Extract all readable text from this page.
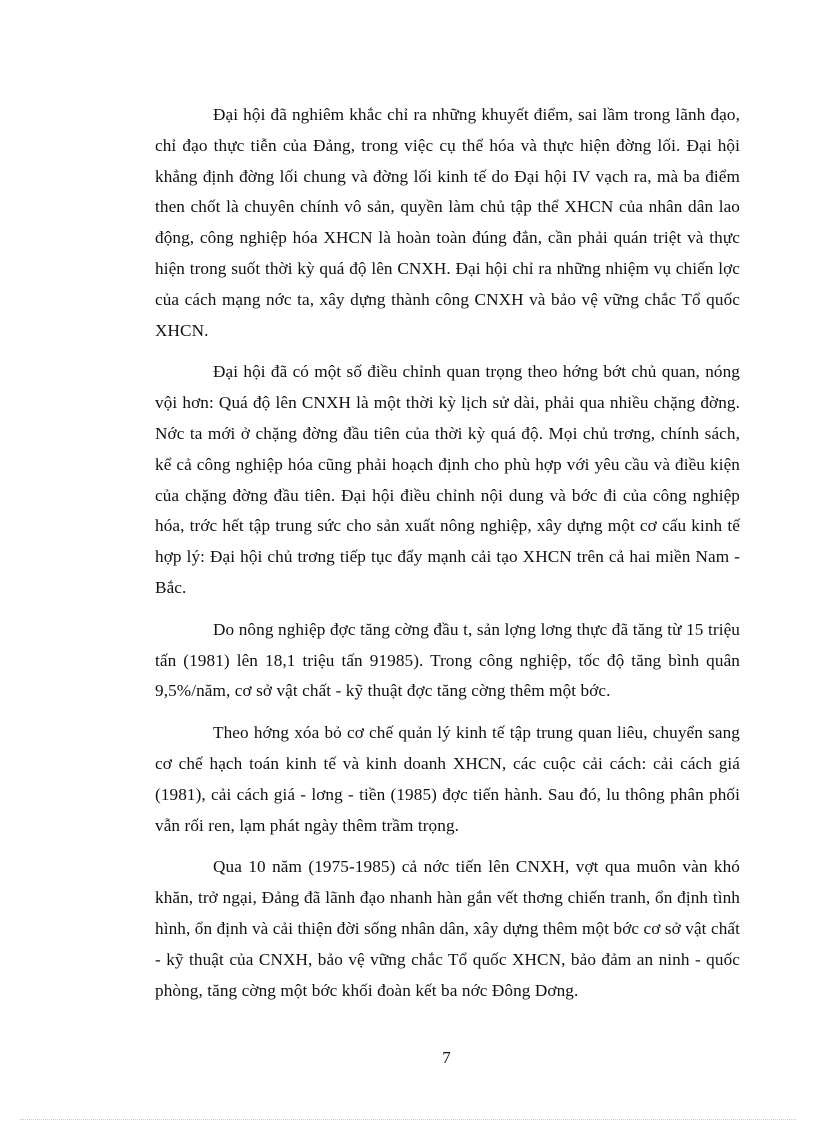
Đại hội đã nghiêm khắc chỉ ra những khuyết điểm, sai lầm trong lãnh đạo, chỉ đạo thực tiễn của Đảng, trong việc cụ thể hóa và thực hiện đờng lối. Đại hội khẳng định đờng lối chung và đờng lối kinh tế do Đại hội IV vạch ra, mà ba điểm then chốt là chuyên chính vô sản, quyền làm chủ tập thể XHCN của nhân dân lao động, công nghiệp hóa XHCN là hoàn toàn đúng đắn, cần phải quán triệt và thực hiện trong suốt thời kỳ quá độ lên CNXH. Đại hội chỉ ra những nhiệm vụ chiến lợc của cách mạng nớc ta, xây dựng thành công CNXH và bảo vệ vững chắc Tổ quốc XHCN.

Đại hội đã có một số điều chỉnh quan trọng theo hớng bớt chủ quan, nóng vội hơn: Quá độ lên CNXH là một thời kỳ lịch sử dài, phải qua nhiều chặng đờng. Nớc ta mới ở chặng đờng đầu tiên của thời kỳ quá độ. Mọi chủ trơng, chính sách, kể cả công nghiệp hóa cũng phải hoạch định cho phù hợp với yêu cầu và điều kiện của chặng đờng đầu tiên. Đại hội điều chỉnh nội dung và bớc đi của công nghiệp hóa, trớc hết tập trung sức cho sản xuất nông nghiệp, xây dựng một cơ cấu kinh tế hợp lý: Đại hội chủ trơng tiếp tục đẩy mạnh cải tạo XHCN trên cả hai miền Nam - Bắc.

Do nông nghiệp đợc tăng cờng đầu t, sản lợng lơng thực đã tăng từ 15 triệu tấn (1981) lên 18,1 triệu tấn 91985). Trong công nghiệp, tốc độ tăng bình quân 9,5%/năm, cơ sở vật chất - kỹ thuật đợc tăng cờng thêm một bớc.

Theo hớng xóa bỏ cơ chế quản lý kinh tế tập trung quan liêu, chuyển sang cơ chế hạch toán kinh tế và kinh doanh XHCN, các cuộc cải cách: cải cách giá (1981), cải cách giá - lơng - tiền (1985) đợc tiến hành. Sau đó, lu thông phân phối vẫn rối ren, lạm phát ngày thêm trầm trọng.

Qua 10 năm (1975-1985) cả nớc tiến lên CNXH, vợt qua muôn vàn khó khăn, trở ngại, Đảng đã lãnh đạo nhanh hàn gắn vết thơng chiến tranh, ổn định tình hình, ổn định và cải thiện đời sống nhân dân, xây dựng thêm một bớc cơ sở vật chất - kỹ thuật của CNXH, bảo vệ vững chắc Tổ quốc XHCN, bảo đảm an ninh - quốc phòng, tăng cờng một bớc khối đoàn kết ba nớc Đông Dơng.

7
